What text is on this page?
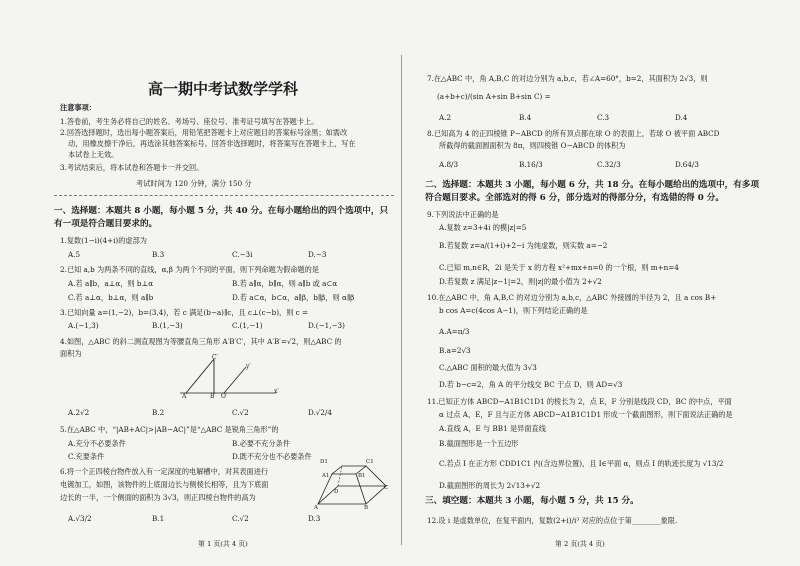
高一期中考试数学学科
注意事项：
1.答卷前，考生务必将自己的姓名、考场号、座位号、准考证号填写在答题卡上。
2.回答选择题时，选出每小题答案后，用铅笔把答题卡上对应题目的答案标号涂黑；如需改
动，用橡皮擦干净后，再选涂其他答案标号。回答非选择题时，将答案写在答题卡上，写在
本试卷上无效。
3.考试结束后，将本试卷和答题卡一并交回。
考试时间为 120 分钟，满分 150 分
一、选择题：本题共 8 小题，每小题 5 分，共 40 分。在每小题给出的四个选项中，只
有一项是符合题目要求的。
1.复数(1−i)(4+i)的虚部为
A.5	B.3	C.−3i	D.−3
2.已知 a,b 为两条不同的直线，α,β 为两个不同的平面，则下列命题为假命题的是
A.若 a∥b，a⊥α，则 b⊥α	B.若 a∥α，b∥α，则 a∥b 或 a⊂α
C.若 a⊥α，b⊥α，则 a∥b	D.若 a⊂α，b⊂α，a∥β，b∥β，则 α∥β
3.已知向量 a=(1,−2)，b=(3,4)，若 c 满足(b−a)∥c，且 c⊥(c−b)，则 c =
A.(−1,3)	B.(1,−3)	C.(1,−1)	D.(−1,−3)
4.如图，△ABC 的斜二测直观图为等腰直角三角形 A′B′C′，其中 A′B′=√2，则△ABC 的
面积为	C′
A′	B′ O′
x′
y′
A.2√2	B.2	C.√2	D.√2/4
5.在△ABC 中，“|AB+AC|>|AB−AC|”是“△ABC 是锐角三角形”的
A.充分不必要条件	B.必要不充分条件
C.充要条件	D.既不充分也不必要条件
6.将一个正四棱台物件放入有一定深度的电解槽中，对其表面进行
电镀加工，如图，该物件的上底面边长与侧棱长相等，且为下底面
边长的一半，一个侧面的面积为 3√3，则正四棱台物件的高为
D1	C1
A1	B1
D
C
A	B
A.√3/2	B.1	C.√2	D.3
第 1 页(共 4 页)
7.在△ABC 中，角 A,B,C 的对边分别为 a,b,c，若∠A=60°，b=2，其面积为 2√3，则
(a+b+c)/(sin A+sin B+sin C) =
A.2	B.4	C.3	D.4
8.已知高为 4 的正四棱锥 P−ABCD 的所有顶点都在球 O 的表面上，若球 O 被平面 ABCD
所截得的截面圆面积为 8π，则四棱锥 O−ABCD 的体积为
A.8/3	B.16/3	C.32/3	D.64/3
二、选择题：本题共 3 小题，每小题 6 分，共 18 分。在每小题给出的选项中，有多项
符合题目要求。全部选对的得 6 分，部分选对的得部分分，有选错的得 0 分。
9.下列说法中正确的是
A.复数 z=3+4i 的模|z|=5
B.若复数 z=a/(1+i)+2−i 为纯虚数，则实数 a=−2
C.已知 m,n∈R，2i 是关于 x 的方程 x²+mx+n=0 的一个根，则 m+n=4
D.若复数 z 满足|z−1|=2，则|z|的最小值为 2+√2
10.在△ABC 中，角 A,B,C 的对边分别为 a,b,c，△ABC 外接圆的半径为 2，且 a cos B+
b cos A=c(4cos A−1)，则下列结论正确的是
A.A=π/3
B.a=2√3
C.△ABC 面积的最大值为 3√3
D.若 b−c=2，角 A 的平分线交 BC 于点 D，则 AD=√3
11.已知正方体 ABCD−A1B1C1D1 的棱长为 2，点 E，F 分别是线段 CD，BC 的中点，平面
α 过点 A，E，F 且与正方体 ABCD−A1B1C1D1 形成一个截面图形，则下面说法正确的是
A.直线 A，E 与 BB1 是异面直线
B.截面图形是一个五边形
C.若点 I 在正方形 CDD1C1 内(含边界位置)，且 I∈平面 α，则点 I 的轨迹长度为 √13/2
D.截面图形的周长为 2√13+√2
三、填空题：本题共 3 小题，每小题 5 分，共 15 分。
12.设 i 是虚数单位，在复平面内，复数(2+i)/i³ 对应的点位于第________象限.
第 2 页(共 4 页)
